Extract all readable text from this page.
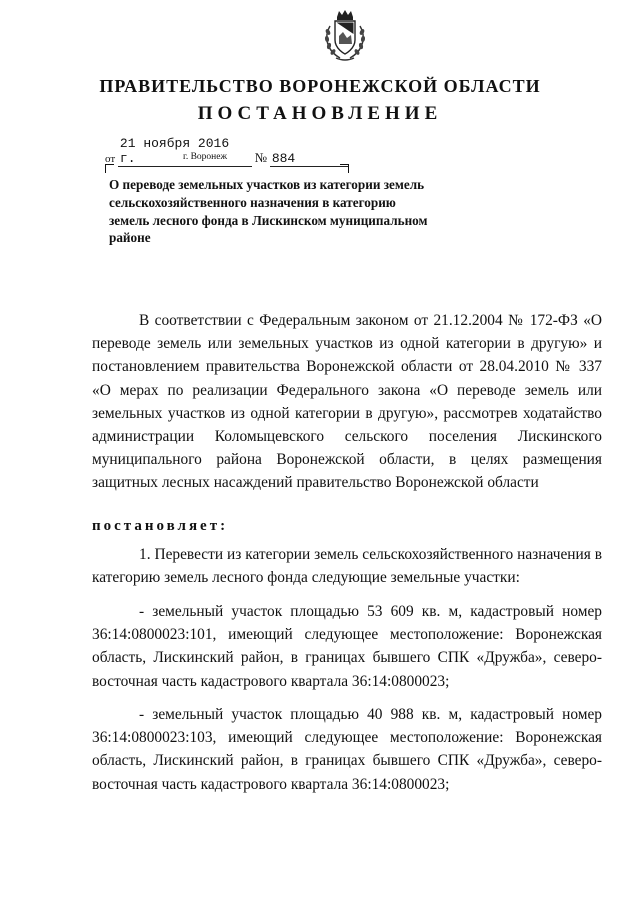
ПРАВИТЕЛЬСТВО ВОРОНЕЖСКОЙ ОБЛАСТИ
ПОСТАНОВЛЕНИЕ
от 21 ноября 2016 г.	№ 884
г. Воронеж
О переводе земельных участков из категории земель сельскохозяйственного назначения в категорию земель лесного фонда в Лискинском муниципальном районе
В соответствии с Федеральным законом от 21.12.2004 № 172-ФЗ «О переводе земель или земельных участков из одной категории в другую» и постановлением правительства Воронежской области от 28.04.2010 № 337 «О мерах по реализации Федерального закона «О переводе земель или земельных участков из одной категории в другую», рассмотрев ходатайство администрации Коломыцевского сельского поселения Лискинского муниципального района Воронежской области, в целях размещения защитных лесных насаждений правительство Воронежской области
постановляет:
1. Перевести из категории земель сельскохозяйственного назначения в категорию земель лесного фонда следующие земельные участки:
- земельный участок площадью 53 609 кв. м, кадастровый номер 36:14:0800023:101, имеющий следующее местоположение: Воронежская область, Лискинский район, в границах бывшего СПК «Дружба», северо-восточная часть кадастрового квартала 36:14:0800023;
- земельный участок площадью 40 988 кв. м, кадастровый номер 36:14:0800023:103, имеющий следующее местоположение: Воронежская область, Лискинский район, в границах бывшего СПК «Дружба», северо-восточная часть кадастрового квартала 36:14:0800023;
